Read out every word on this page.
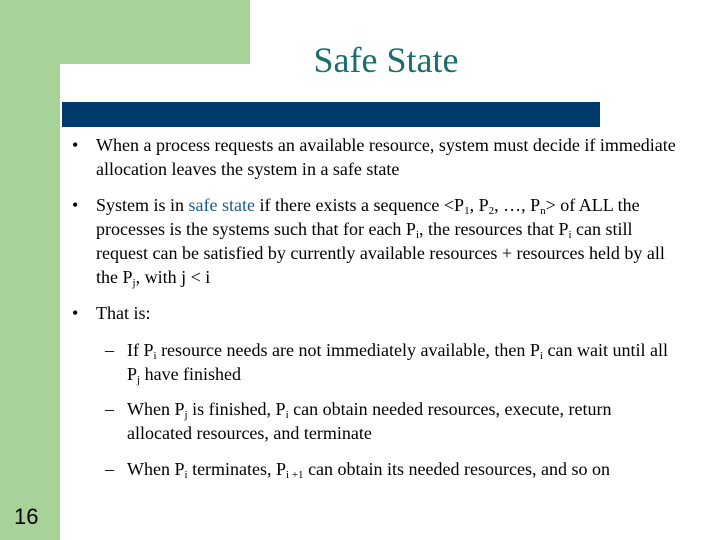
Safe State
• When a process requests an available resource, system must decide if immediate allocation leaves the system in a safe state
• System is in safe state if there exists a sequence $<P_1$, $P_2$, …, $P_n>$ of ALL the processes is the systems such that for each $P_i$, the resources that $P_i$ can still request can be satisfied by currently available resources + resources held by all the $P_j$, with j < i
• That is:
– If $P_i$ resource needs are not immediately available, then $P_i$ can wait until all $P_j$ have finished
– When $P_j$ is finished, $P_i$ can obtain needed resources, execute, return allocated resources, and terminate
– When $P_i$ terminates, $P_{i +1}$ can obtain its needed resources, and so on
16
